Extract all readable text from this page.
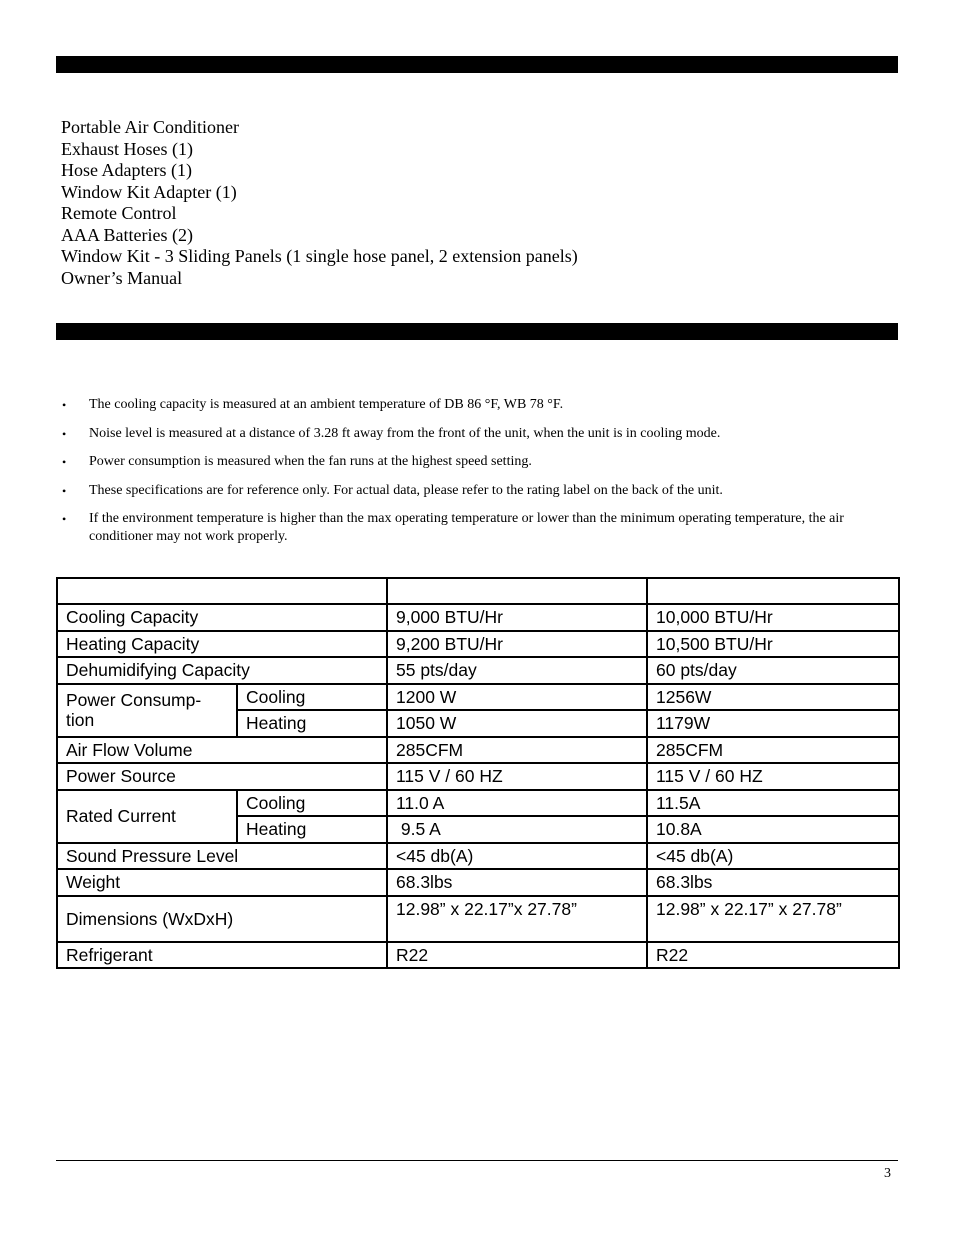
Portable Air Conditioner
Exhaust Hoses (1)
Hose Adapters (1)
Window Kit Adapter (1)
Remote Control
AAA Batteries (2)
Window Kit - 3 Sliding Panels (1 single hose panel, 2 extension panels)
Owner’s Manual
• The cooling capacity is measured at an ambient temperature of DB 86 °F, WB 78 °F.
• Noise level is measured at a distance of 3.28 ft away from the front of the unit, when the unit is in cooling mode.
• Power consumption is measured when the fan runs at the highest speed setting.
• These specifications are for reference only. For actual data, please refer to the rating label on the back of the unit.
• If the environment temperature is higher than the max operating temperature or lower than the minimum operating temperature, the air conditioner may not work properly.

Cooling Capacity		9,000 BTU/Hr	10,000 BTU/Hr
Heating Capacity		9,200 BTU/Hr	10,500 BTU/Hr
Dehumidifying Capacity		55 pts/day	60 pts/day
Power Consump-
tion	Cooling	1200 W	1256W
	Heating	1050 W	1179W
Air Flow Volume		285CFM	285CFM
Power Source		115 V / 60 HZ	115 V / 60 HZ
Rated Current	Cooling	11.0 A	11.5A
	Heating	9.5 A	10.8A
Sound Pressure Level		<45 db(A)	<45 db(A)
Weight		68.3lbs	68.3lbs
Dimensions (WxDxH)		12.98” x 22.17”x 27.78”	12.98” x 22.17” x 27.78”
Refrigerant		R22	R22
3
